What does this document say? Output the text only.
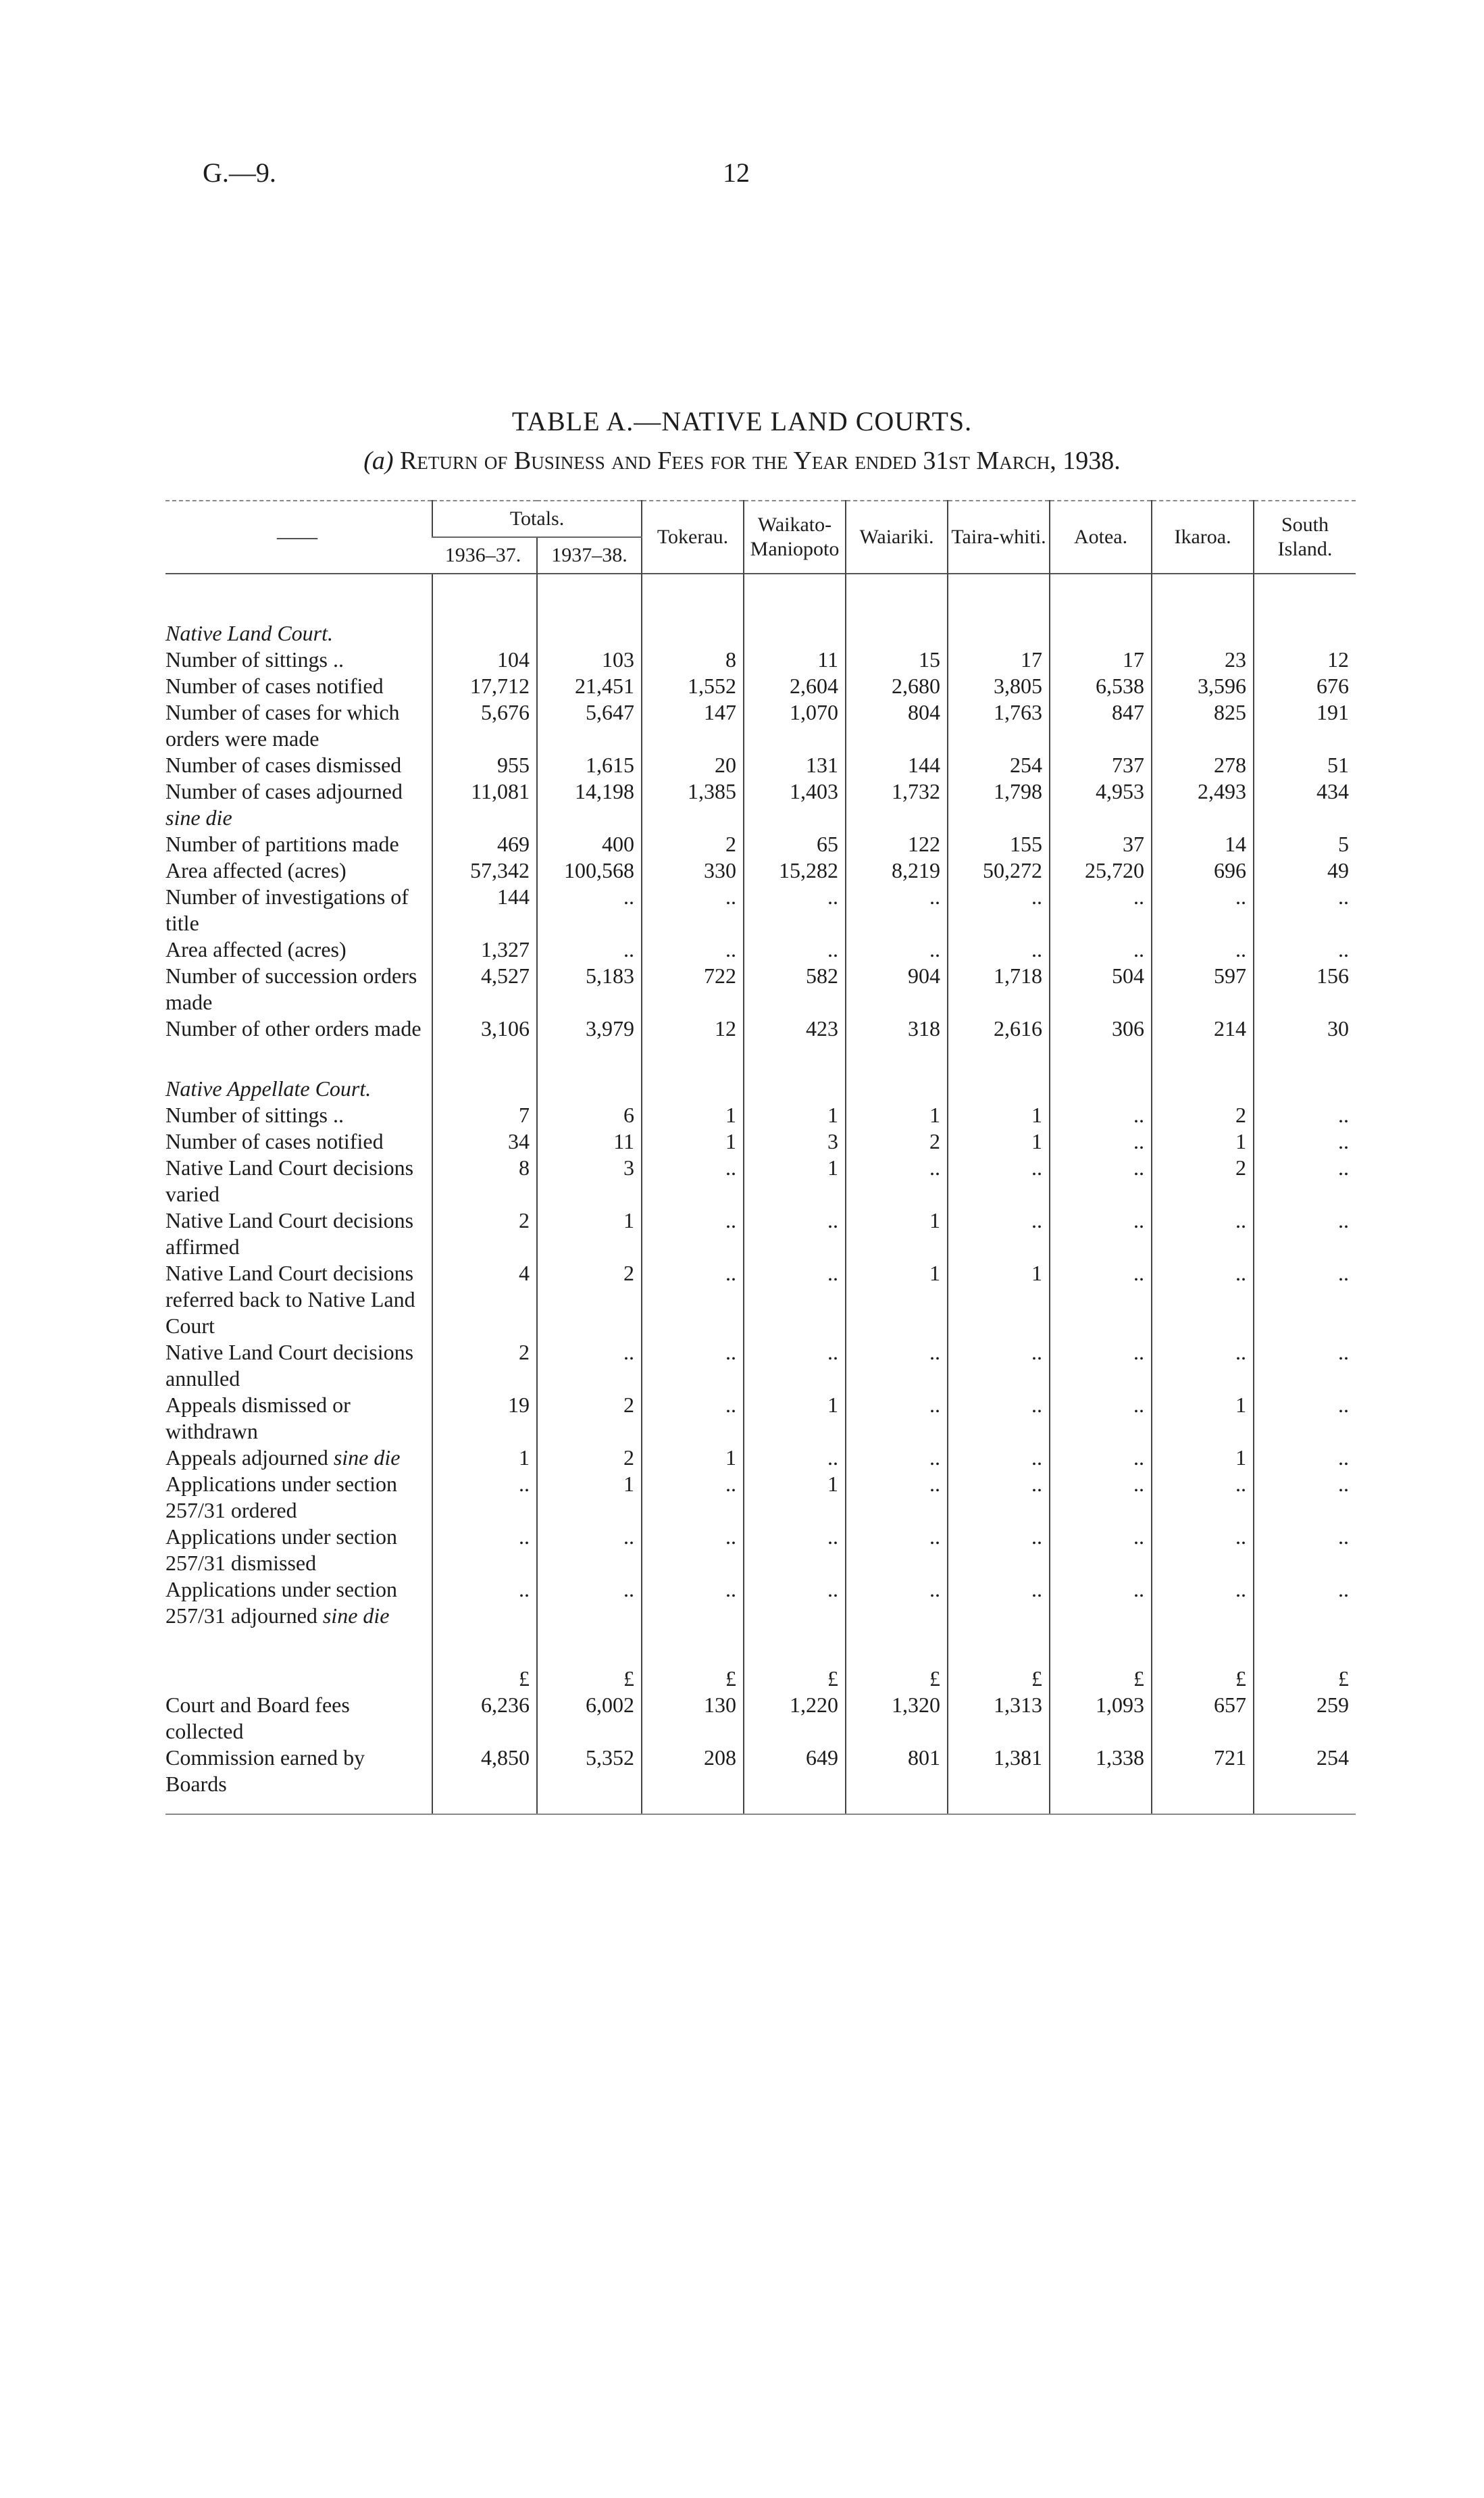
G.—9.	12
TABLE A.—NATIVE LAND COURTS.
(a) Return of Business and Fees for the Year ended 31st March, 1938.
——	Totals.		Tokerau.	Waikato-Maniopoto	Waiariki.	Taira-whiti.	Aotea.	Ikaroa.	South Island.
	1936–37.	1937–38.							
Native Land Court.									
Number of sittings ..	104	103	8	11	15	17	17	23	12
Number of cases notified	17,712	21,451	1,552	2,604	2,680	3,805	6,538	3,596	676
Number of cases for which orders were made	5,676	5,647	147	1,070	804	1,763	847	825	191
Number of cases dismissed	955	1,615	20	131	144	254	737	278	51
Number of cases adjourned sine die	11,081	14,198	1,385	1,403	1,732	1,798	4,953	2,493	434
Number of partitions made	469	400	2	65	122	155	37	14	5
Area affected (acres)	57,342	100,568	330	15,282	8,219	50,272	25,720	696	49
Number of investigations of title	144	..	..	..	..	..	..	..	..
Area affected (acres)	1,327	..	..	..	..	..	..	..	..
Number of succession orders made	4,527	5,183	722	582	904	1,718	504	597	156
Number of other orders made	3,106	3,979	12	423	318	2,616	306	214	30

Native Appellate Court.									
Number of sittings ..	7	6	1	1	1	1	..	2	..
Number of cases notified	34	11	1	3	2	1	..	1	..
Native Land Court decisions varied	8	3	..	1	..	..	..	2	..
Native Land Court decisions affirmed	2	1	..	..	1	..	..	..	..
Native Land Court decisions referred back to Native Land Court	4	2	..	..	1	1	..	..	..
Native Land Court decisions annulled	2	..	..	..	..	..	..	..	..
Appeals dismissed or withdrawn	19	2	..	1	..	..	..	1	..
Appeals adjourned sine die	1	2	1	..	..	..	..	1	..
Applications under section 257/31 ordered	..	1	..	1	..	..	..	..	..
Applications under section 257/31 dismissed	..	..	..	..	..	..	..	..	..
Applications under section 257/31 adjourned sine die	..	..	..	..	..	..	..	..	..

	£	£	£	£	£	£	£	£	£
Court and Board fees collected	6,236	6,002	130	1,220	1,320	1,313	1,093	657	259
Commission earned by Boards	4,850	5,352	208	649	801	1,381	1,338	721	254
